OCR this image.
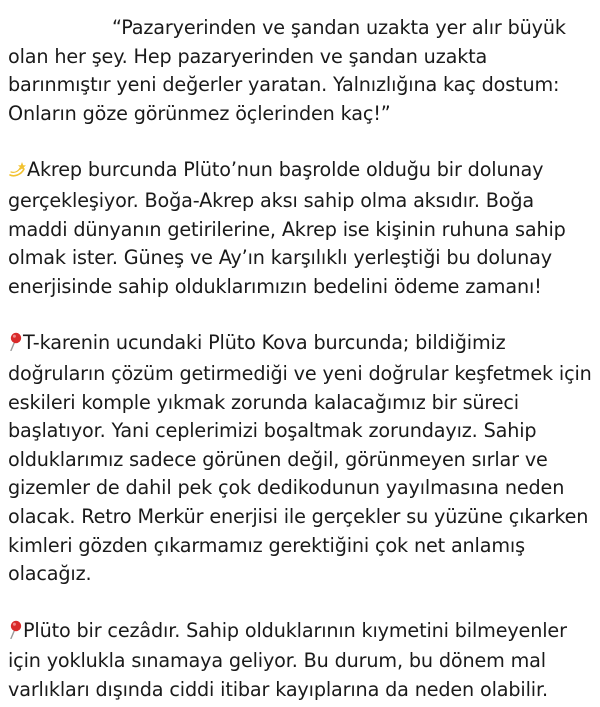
“Pazaryerinden ve şandan uzakta yer alır büyük olan her şey. Hep pazaryerinden ve şandan uzakta barınmıştır yeni değerler yaratan. Yalnızlığına kaç dostum: Onların göze görünmez öçlerinden kaç!”

Akrep burcunda Plüto’nun başrolde olduğu bir dolunay gerçekleşiyor. Boğa-Akrep aksı sahip olma aksıdır. Boğa maddi dünyanın getirilerine, Akrep ise kişinin ruhuna sahip olmak ister. Güneş ve Ay’ın karşılıklı yerleştiği bu dolunay enerjisinde sahip olduklarımızın bedelini ödeme zamanı!

T-karenin ucundaki Plüto Kova burcunda; bildiğimiz doğruların çözüm getirmediği ve yeni doğrular keşfetmek için eskileri komple yıkmak zorunda kalacağımız bir süreci başlatıyor. Yani ceplerimizi boşaltmak zorundayız. Sahip olduklarımız sadece görünen değil, görünmeyen sırlar ve gizemler de dahil pek çok dedikodunun yayılmasına neden olacak. Retro Merkür enerjisi ile gerçekler su yüzüne çıkarken kimleri gözden çıkarmamız gerektiğini çok net anlamış olacağız.

Plüto bir cezâdır. Sahip olduklarının kıymetini bilmeyenler için yoklukla sınamaya geliyor. Bu durum, bu dönem mal varlıkları dışında ciddi itibar kayıplarına da neden olabilir.
